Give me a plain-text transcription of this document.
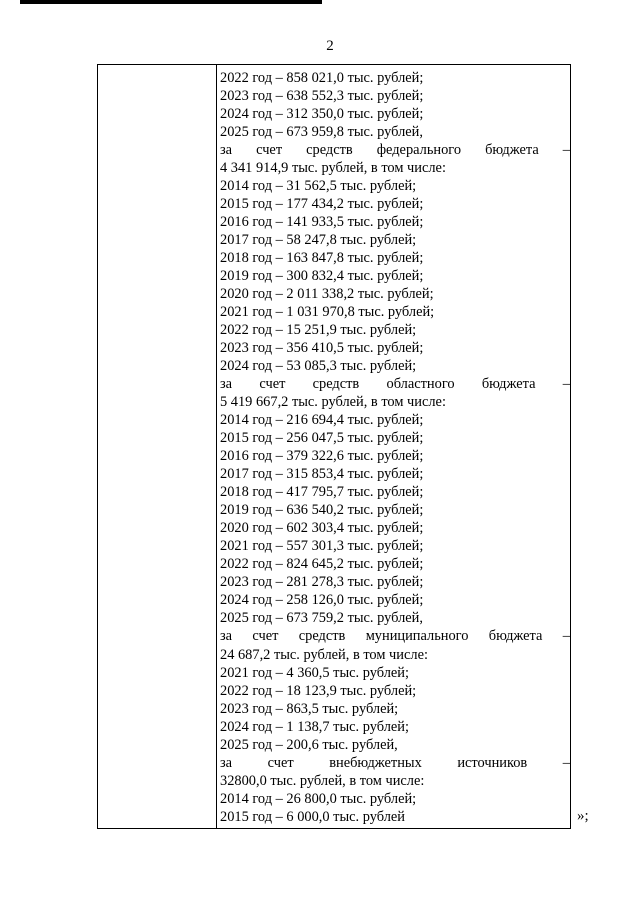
2
2022 год – 858 021,0 тыс. рублей;
2023 год – 638 552,3 тыс. рублей;
2024 год – 312 350,0 тыс. рублей;
2025 год – 673 959,8 тыс. рублей,
за счет средств федерального бюджета –
4 341 914,9 тыс. рублей, в том числе:
2014 год – 31 562,5 тыс. рублей;
2015 год – 177 434,2 тыс. рублей;
2016 год – 141 933,5 тыс. рублей;
2017 год – 58 247,8 тыс. рублей;
2018 год – 163 847,8 тыс. рублей;
2019 год – 300 832,4 тыс. рублей;
2020 год – 2 011 338,2 тыс. рублей;
2021 год – 1 031 970,8 тыс. рублей;
2022 год – 15 251,9 тыс. рублей;
2023 год – 356 410,5 тыс. рублей;
2024 год – 53 085,3 тыс. рублей;
за счет средств областного бюджета –
5 419 667,2 тыс. рублей, в том числе:
2014 год – 216 694,4 тыс. рублей;
2015 год – 256 047,5 тыс. рублей;
2016 год – 379 322,6 тыс. рублей;
2017 год – 315 853,4 тыс. рублей;
2018 год – 417 795,7 тыс. рублей;
2019 год – 636 540,2 тыс. рублей;
2020 год – 602 303,4 тыс. рублей;
2021 год – 557 301,3 тыс. рублей;
2022 год – 824 645,2 тыс. рублей;
2023 год – 281 278,3 тыс. рублей;
2024 год – 258 126,0 тыс. рублей;
2025 год – 673 759,2 тыс. рублей,
за счет средств муниципального бюджета –
24 687,2 тыс. рублей, в том числе:
2021 год – 4 360,5 тыс. рублей;
2022 год – 18 123,9 тыс. рублей;
2023 год – 863,5 тыс. рублей;
2024 год – 1 138,7 тыс. рублей;
2025 год – 200,6 тыс. рублей,
за счет внебюджетных источников –
32800,0 тыс. рублей, в том числе:
2014 год – 26 800,0 тыс. рублей;
2015 год – 6 000,0 тыс. рублей	»;
